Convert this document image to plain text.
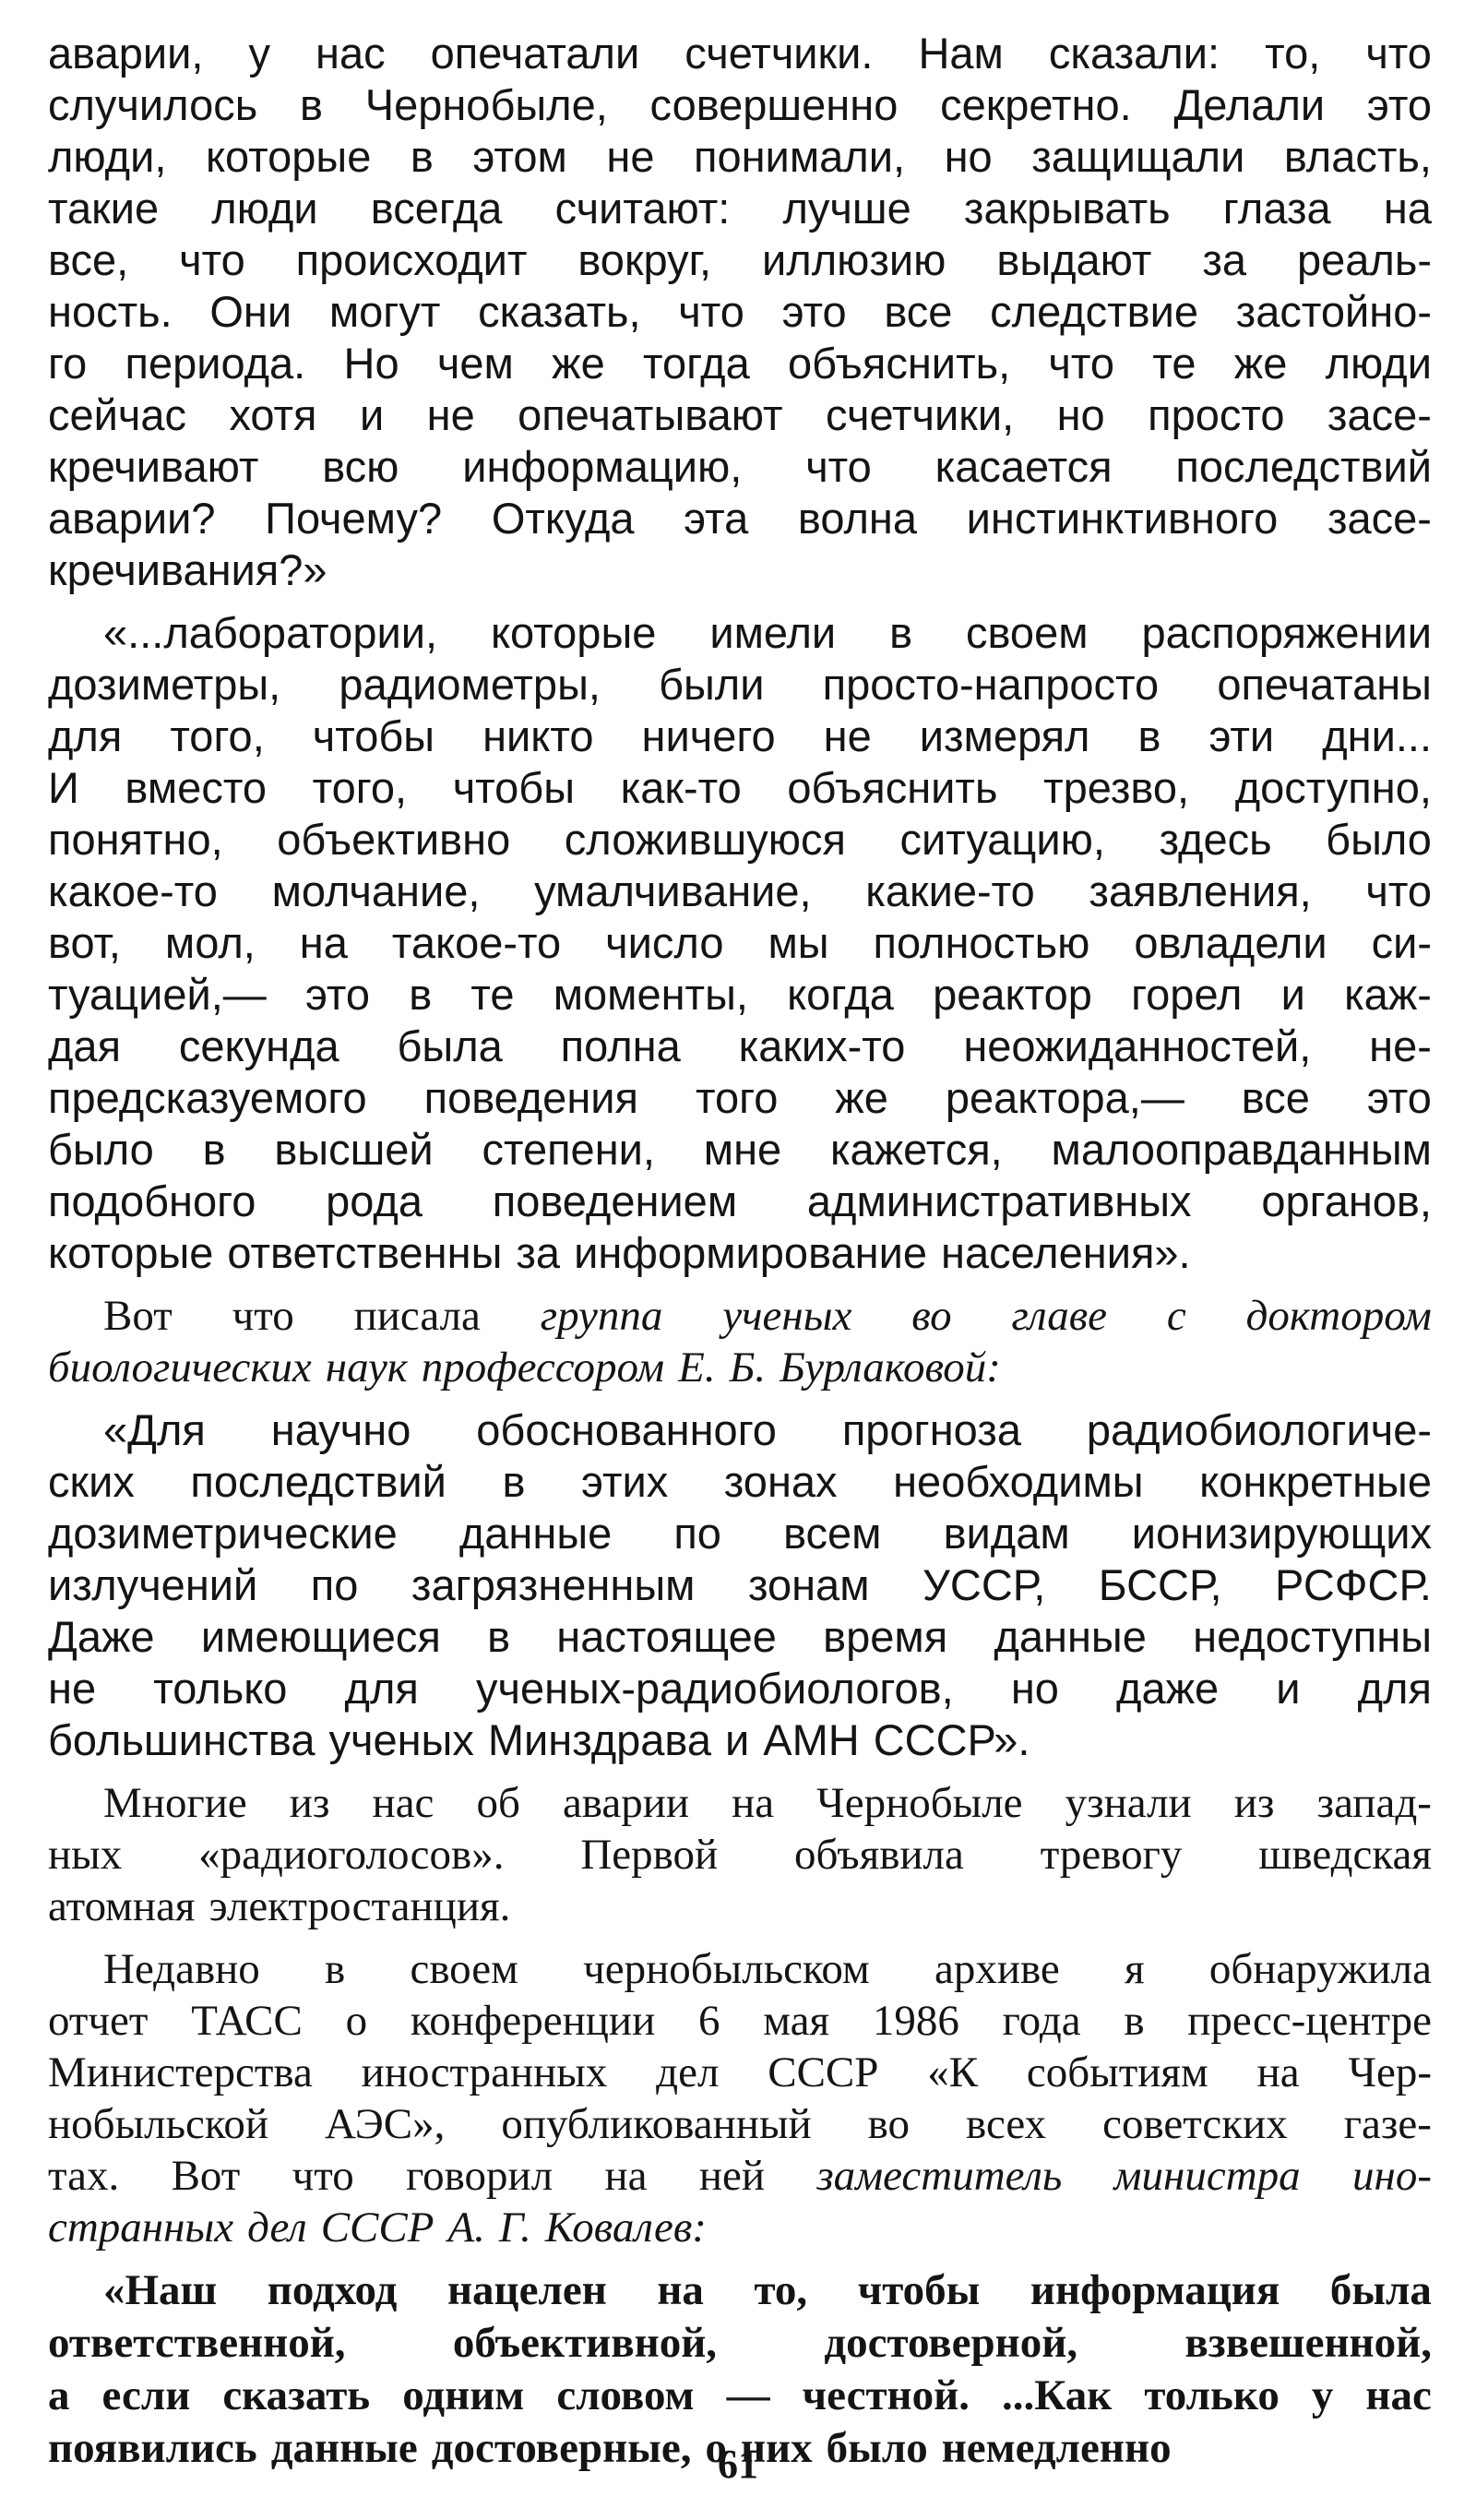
аварии, у нас опечатали счетчики. Нам сказали: то, что
случилось в Чернобыле, совершенно секретно. Делали это
люди, которые в этом не понимали, но защищали власть,
такие люди всегда считают: лучше закрывать глаза на
все, что происходит вокруг, иллюзию выдают за реаль-
ность. Они могут сказать, что это все следствие застойно-
го периода. Но чем же тогда объяснить, что те же люди
сейчас хотя и не опечатывают счетчики, но просто засе-
кречивают всю информацию, что касается последствий
аварии? Почему? Откуда эта волна инстинктивного засе-
кречивания?»
«...лаборатории, которые имели в своем распоряжении
дозиметры, радиометры, были просто-напросто опечатаны
для того, чтобы никто ничего не измерял в эти дни...
И вместо того, чтобы как-то объяснить трезво, доступно,
понятно, объективно сложившуюся ситуацию, здесь было
какое-то молчание, умалчивание, какие-то заявления, что
вот, мол, на такое-то число мы полностью овладели си-
туацией,— это в те моменты, когда реактор горел и каж-
дая секунда была полна каких-то неожиданностей, не-
предсказуемого поведения того же реактора,— все это
было в высшей степени, мне кажется, малооправданным
подобного рода поведением административных органов,
которые ответственны за информирование населения».
Вот что писала группа ученых во главе с доктором
биологических наук профессором Е. Б. Бурлаковой:
«Для научно обоснованного прогноза радиобиологиче-
ских последствий в этих зонах необходимы конкретные
дозиметрические данные по всем видам ионизирующих
излучений по загрязненным зонам УССР, БССР, РСФСР.
Даже имеющиеся в настоящее время данные недоступны
не только для ученых-радиобиологов, но даже и для
большинства ученых Минздрава и АМН СССР».
Многие из нас об аварии на Чернобыле узнали из запад-
ных «радиоголосов». Первой объявила тревогу шведская
атомная электростанция.
Недавно в своем чернобыльском архиве я обнаружила
отчет ТАСС о конференции 6 мая 1986 года в пресс-центре
Министерства иностранных дел СССР «К событиям на Чер-
нобыльской АЭС», опубликованный во всех советских газе-
тах. Вот что говорил на ней заместитель министра ино-
странных дел СССР А. Г. Ковалев:
«Наш подход нацелен на то, чтобы информация была
ответственной, объективной, достоверной, взвешенной,
а если сказать одним словом — честной. ...Как только у нас
появились данные достоверные, о них было немедленно
61
